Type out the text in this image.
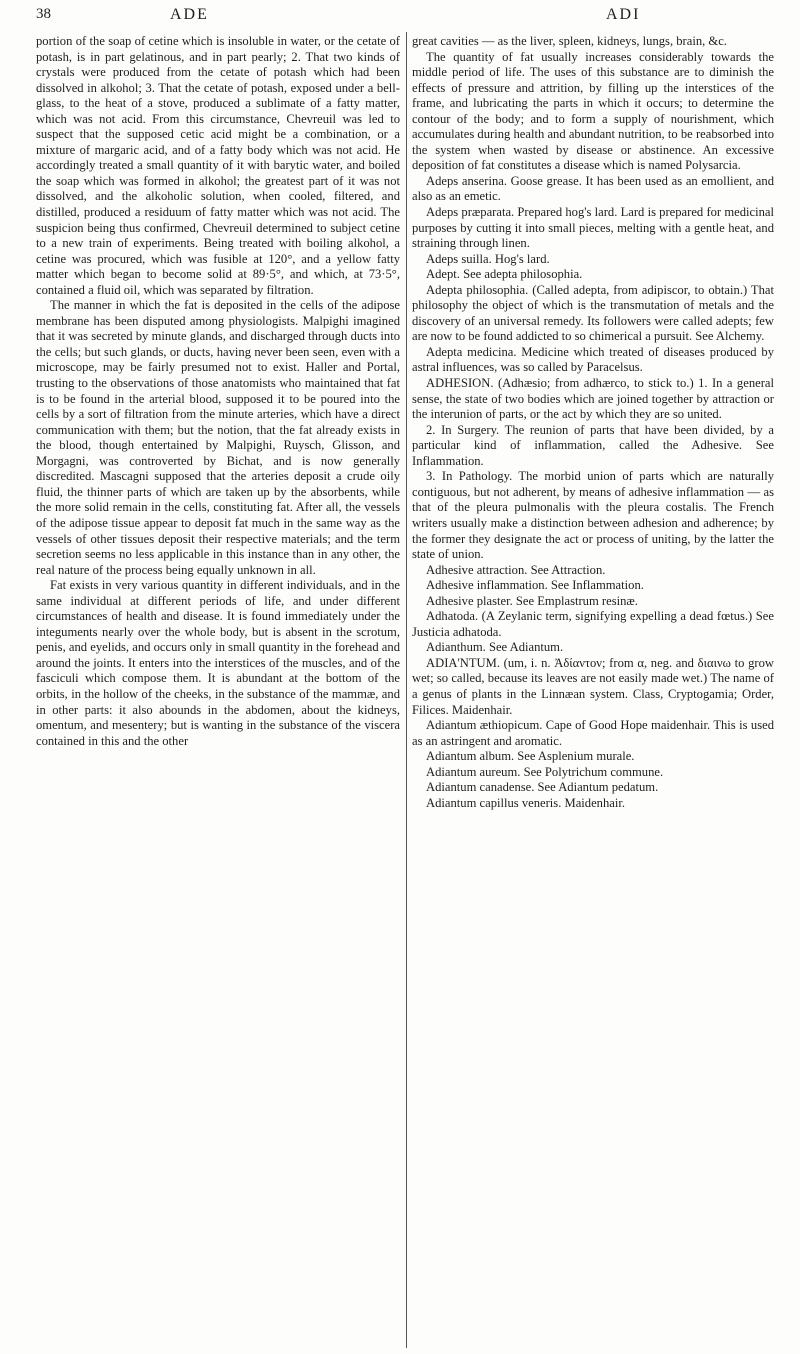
38	ADE	ADI

portion of the soap of cetine which is insoluble in water, or the cetate of potash, is in part gelatinous, and in part pearly; 2. That two kinds of crystals were produced from the cetate of potash which had been dissolved in alkohol; 3. That the cetate of potash, exposed under a bell-glass, to the heat of a stove, produced a sublimate of a fatty matter, which was not acid. From this circumstance, Chevreuil was led to suspect that the supposed cetic acid might be a combination, or a mixture of margaric acid, and of a fatty body which was not acid. He accordingly treated a small quantity of it with barytic water, and boiled the soap which was formed in alkohol; the greatest part of it was not dissolved, and the alkoholic solution, when cooled, filtered, and distilled, produced a residuum of fatty matter which was not acid. The suspicion being thus confirmed, Chevreuil determined to subject cetine to a new train of experiments. Being treated with boiling alkohol, a cetine was procured, which was fusible at 120°, and a yellow fatty matter which began to become solid at 89·5°, and which, at 73·5°, contained a fluid oil, which was separated by filtration.

The manner in which the fat is deposited in the cells of the adipose membrane has been disputed among physiologists. Malpighi imagined that it was secreted by minute glands, and discharged through ducts into the cells; but such glands, or ducts, having never been seen, even with a microscope, may be fairly presumed not to exist. Haller and Portal, trusting to the observations of those anatomists who maintained that fat is to be found in the arterial blood, supposed it to be poured into the cells by a sort of filtration from the minute arteries, which have a direct communication with them; but the notion, that the fat already exists in the blood, though entertained by Malpighi, Ruysch, Glisson, and Morgagni, was controverted by Bichat, and is now generally discredited. Mascagni supposed that the arteries deposit a crude oily fluid, the thinner parts of which are taken up by the absorbents, while the more solid remain in the cells, constituting fat. After all, the vessels of the adipose tissue appear to deposit fat much in the same way as the vessels of other tissues deposit their respective materials; and the term secretion seems no less applicable in this instance than in any other, the real nature of the process being equally unknown in all.

Fat exists in very various quantity in different individuals, and in the same individual at different periods of life, and under different circumstances of health and disease. It is found immediately under the integuments nearly over the whole body, but is absent in the scrotum, penis, and eyelids, and occurs only in small quantity in the forehead and around the joints. It enters into the interstices of the muscles, and of the fasciculi which compose them. It is abundant at the bottom of the orbits, in the hollow of the cheeks, in the substance of the mammæ, and in other parts: it also abounds in the abdomen, about the kidneys, omentum, and mesentery; but is wanting in the substance of the viscera contained in this and the other

great cavities — as the liver, spleen, kidneys, lungs, brain, &c.

The quantity of fat usually increases considerably towards the middle period of life. The uses of this substance are to diminish the effects of pressure and attrition, by filling up the interstices of the frame, and lubricating the parts in which it occurs; to determine the contour of the body; and to form a supply of nourishment, which accumulates during health and abundant nutrition, to be reabsorbed into the system when wasted by disease or abstinence. An excessive deposition of fat constitutes a disease which is named Polysarcia.

Adeps anserina. Goose grease. It has been used as an emollient, and also as an emetic.

Adeps præparata. Prepared hog's lard. Lard is prepared for medicinal purposes by cutting it into small pieces, melting with a gentle heat, and straining through linen.

Adeps suilla. Hog's lard.

Adept. See adepta philosophia.

Adepta philosophia. (Called adepta, from adipiscor, to obtain.) That philosophy the object of which is the transmutation of metals and the discovery of an universal remedy. Its followers were called adepts; few are now to be found addicted to so chimerical a pursuit. See Alchemy.

Adepta medicina. Medicine which treated of diseases produced by astral influences, was so called by Paracelsus.

ADHESION. (Adhæsio; from adhærco, to stick to.) 1. In a general sense, the state of two bodies which are joined together by attraction or the interunion of parts, or the act by which they are so united.

2. In Surgery. The reunion of parts that have been divided, by a particular kind of inflammation, called the Adhesive. See Inflammation.

3. In Pathology. The morbid union of parts which are naturally contiguous, but not adherent, by means of adhesive inflammation — as that of the pleura pulmonalis with the pleura costalis. The French writers usually make a distinction between adhesion and adherence; by the former they designate the act or process of uniting, by the latter the state of union.

Adhesive attraction. See Attraction.

Adhesive inflammation. See Inflammation.

Adhesive plaster. See Emplastrum resinæ.

Adhatoda. (A Zeylanic term, signifying expelling a dead fœtus.) See Justicia adhatoda.

Adianthum. See Adiantum.

ADIA'NTUM. (um, i. n. Ἀδίαντον; from α, neg. and διαινω to grow wet; so called, because its leaves are not easily made wet.) The name of a genus of plants in the Linnæan system. Class, Cryptogamia; Order, Filices. Maidenhair.

Adiantum æthiopicum. Cape of Good Hope maidenhair. This is used as an astringent and aromatic.

Adiantum album. See Asplenium murale.

Adiantum aureum. See Polytrichum commune.

Adiantum canadense. See Adiantum pedatum.

Adiantum capillus veneris. Maidenhair.
